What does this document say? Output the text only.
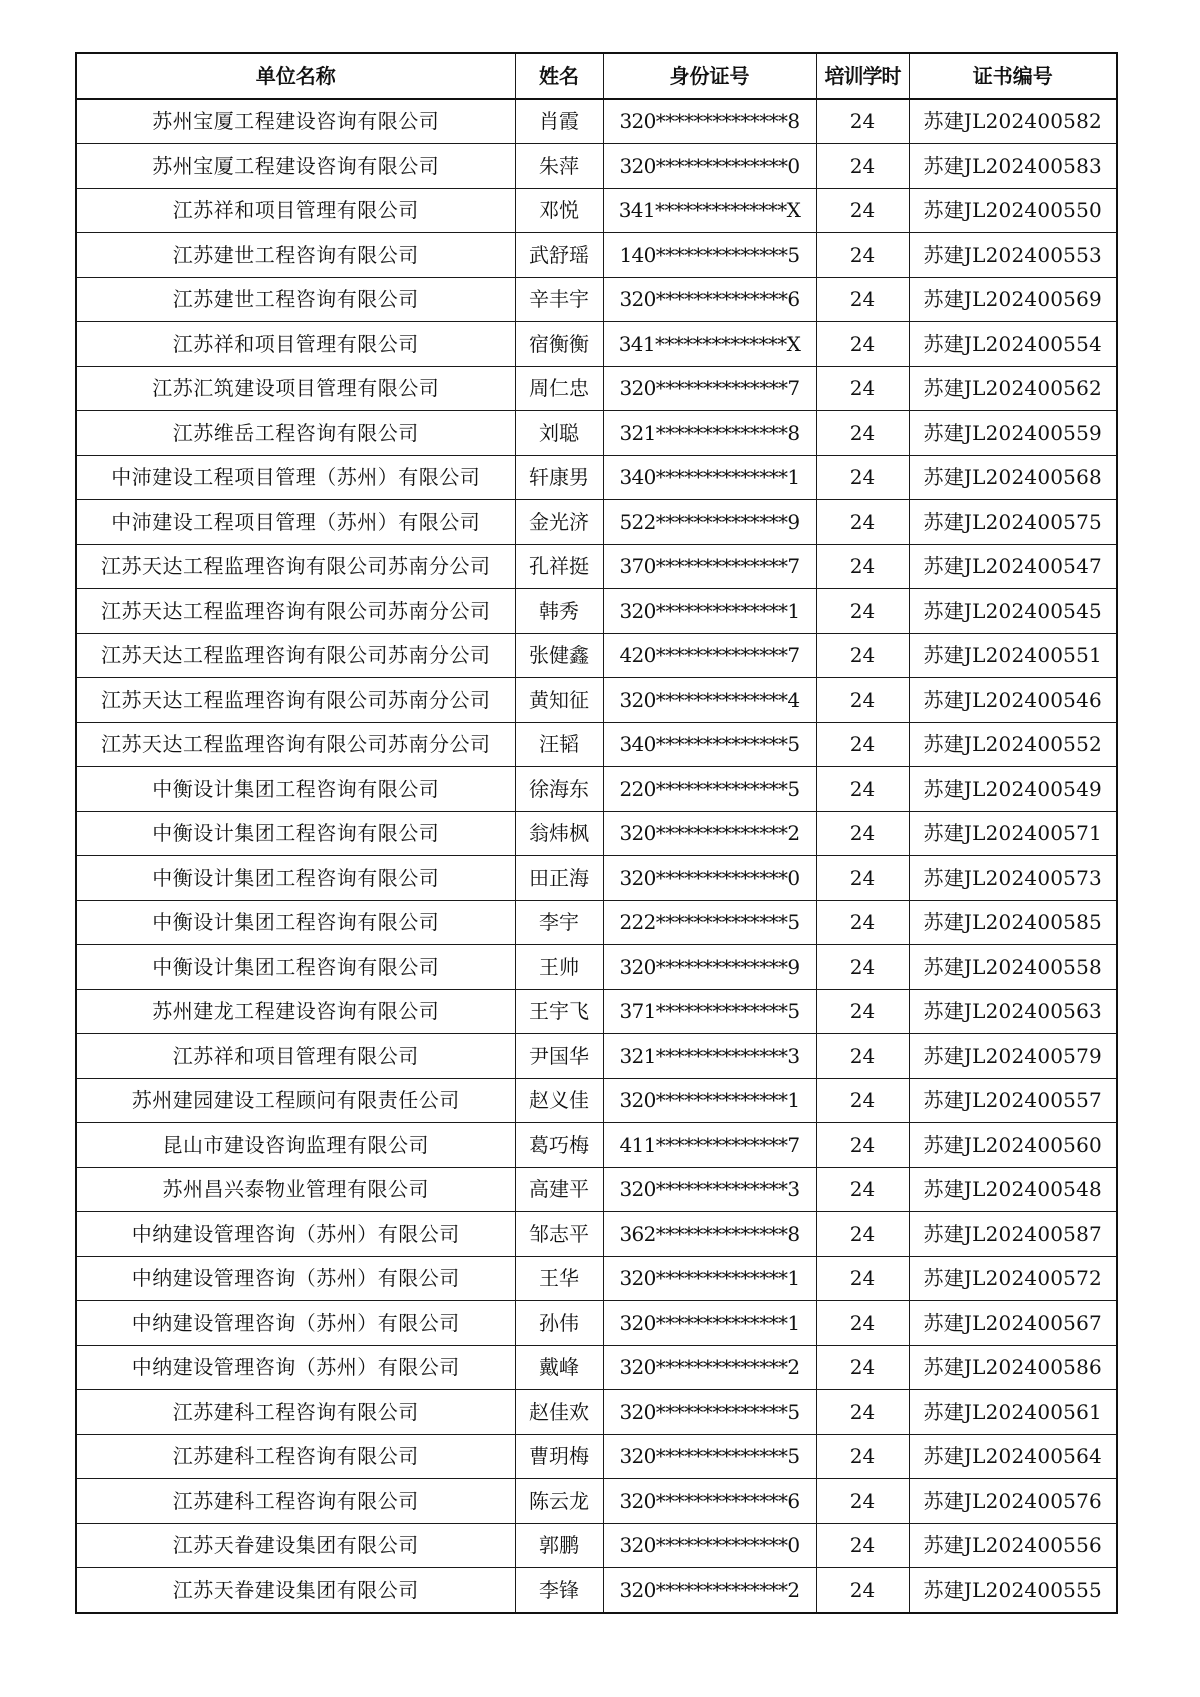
单位名称	姓名	身份证号	培训学时	证书编号
苏州宝厦工程建设咨询有限公司	肖霞	320**************8	24	苏建JL202400582
苏州宝厦工程建设咨询有限公司	朱萍	320**************0	24	苏建JL202400583
江苏祥和项目管理有限公司	邓悦	341**************X	24	苏建JL202400550
江苏建世工程咨询有限公司	武舒瑶	140**************5	24	苏建JL202400553
江苏建世工程咨询有限公司	辛丰宇	320**************6	24	苏建JL202400569
江苏祥和项目管理有限公司	宿衡衡	341**************X	24	苏建JL202400554
江苏汇筑建设项目管理有限公司	周仁忠	320**************7	24	苏建JL202400562
江苏维岳工程咨询有限公司	刘聪	321**************8	24	苏建JL202400559
中沛建设工程项目管理（苏州）有限公司	轩康男	340**************1	24	苏建JL202400568
中沛建设工程项目管理（苏州）有限公司	金光济	522**************9	24	苏建JL202400575
江苏天达工程监理咨询有限公司苏南分公司	孔祥挺	370**************7	24	苏建JL202400547
江苏天达工程监理咨询有限公司苏南分公司	韩秀	320**************1	24	苏建JL202400545
江苏天达工程监理咨询有限公司苏南分公司	张健鑫	420**************7	24	苏建JL202400551
江苏天达工程监理咨询有限公司苏南分公司	黄知征	320**************4	24	苏建JL202400546
江苏天达工程监理咨询有限公司苏南分公司	汪韬	340**************5	24	苏建JL202400552
中衡设计集团工程咨询有限公司	徐海东	220**************5	24	苏建JL202400549
中衡设计集团工程咨询有限公司	翁炜枫	320**************2	24	苏建JL202400571
中衡设计集团工程咨询有限公司	田正海	320**************0	24	苏建JL202400573
中衡设计集团工程咨询有限公司	李宇	222**************5	24	苏建JL202400585
中衡设计集团工程咨询有限公司	王帅	320**************9	24	苏建JL202400558
苏州建龙工程建设咨询有限公司	王宇飞	371**************5	24	苏建JL202400563
江苏祥和项目管理有限公司	尹国华	321**************3	24	苏建JL202400579
苏州建园建设工程顾问有限责任公司	赵义佳	320**************1	24	苏建JL202400557
昆山市建设咨询监理有限公司	葛巧梅	411**************7	24	苏建JL202400560
苏州昌兴泰物业管理有限公司	高建平	320**************3	24	苏建JL202400548
中纳建设管理咨询（苏州）有限公司	邹志平	362**************8	24	苏建JL202400587
中纳建设管理咨询（苏州）有限公司	王华	320**************1	24	苏建JL202400572
中纳建设管理咨询（苏州）有限公司	孙伟	320**************1	24	苏建JL202400567
中纳建设管理咨询（苏州）有限公司	戴峰	320**************2	24	苏建JL202400586
江苏建科工程咨询有限公司	赵佳欢	320**************5	24	苏建JL202400561
江苏建科工程咨询有限公司	曹玥梅	320**************5	24	苏建JL202400564
江苏建科工程咨询有限公司	陈云龙	320**************6	24	苏建JL202400576
江苏天眷建设集团有限公司	郭鹏	320**************0	24	苏建JL202400556
江苏天眷建设集团有限公司	李锋	320**************2	24	苏建JL202400555
